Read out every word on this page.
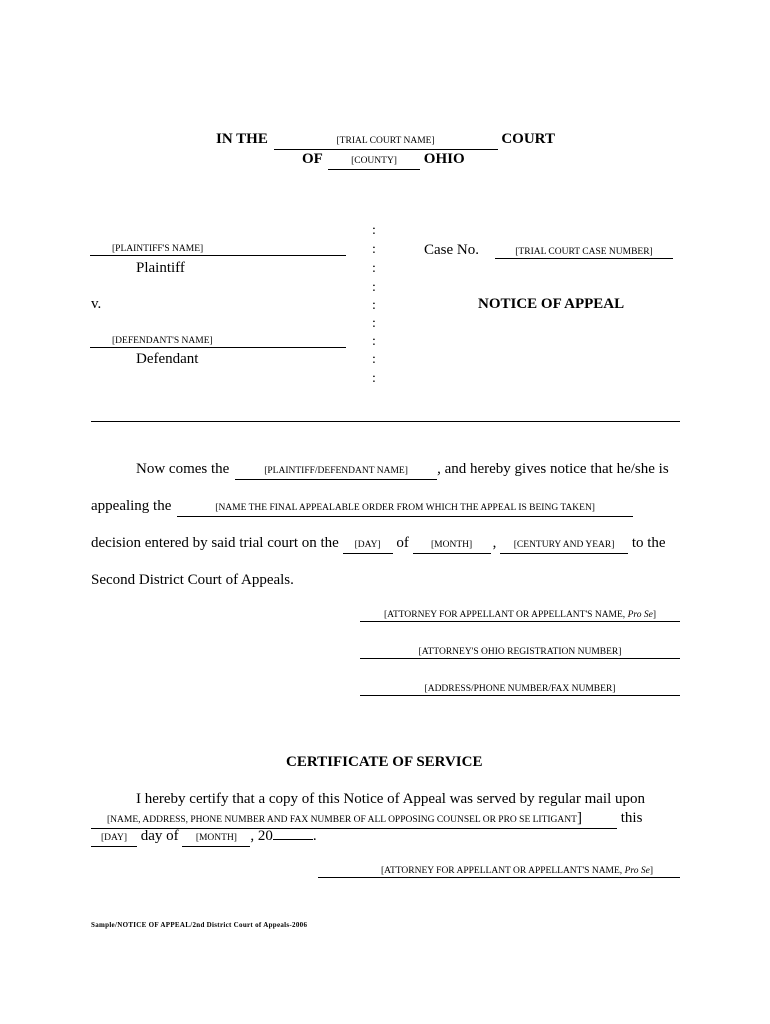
IN THE	[TRIAL COURT NAME]	COURT
OF	[COUNTY] OHIO
[PLAINTIFF'S NAME]
Plaintiff
v.
[DEFENDANT'S NAME]
Defendant
:
:
:
:
:
:
:
:
:
Case No.	[TRIAL COURT CASE NUMBER]
NOTICE OF APPEAL
Now comes the	[PLAINTIFF/DEFENDANT NAME] , and hereby gives notice that he/she is
appealing the	[NAME THE FINAL APPEALABLE ORDER FROM WHICH THE APPEAL IS BEING TAKEN]
decision entered by said trial court on the [DAY] of [MONTH] , [CENTURY AND YEAR] to the
Second District Court of Appeals.
[ATTORNEY FOR APPELLANT OR APPELLANT'S NAME, Pro Se]
[ATTORNEY'S OHIO REGISTRATION NUMBER]
[ADDRESS/PHONE NUMBER/FAX NUMBER]
CERTIFICATE OF SERVICE
I hereby certify that a copy of this Notice of Appeal was served by regular mail upon
[NAME, ADDRESS, PHONE NUMBER AND FAX NUMBER OF ALL OPPOSING COUNSEL OR PRO SE LITIGANT]	this
[DAY] day of [MONTH] , 20	.
[ATTORNEY FOR APPELLANT OR APPELLANT'S NAME, Pro Se]
Sample/NOTICE OF APPEAL/2nd District Court of Appeals-2006
